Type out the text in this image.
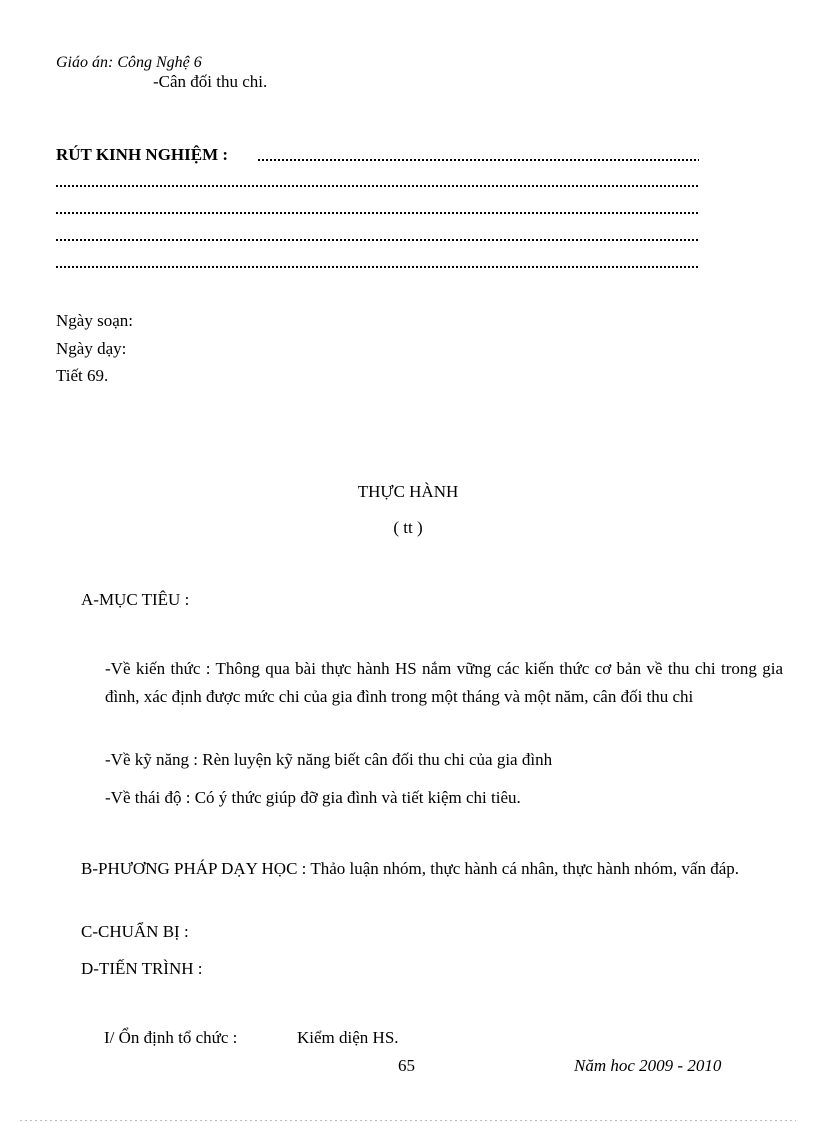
Giáo án: Công Nghệ 6
-Cân đối thu chi.
RÚT KINH NGHIỆM :
Ngày soạn:
Ngày dạy:
Tiết 69.
THỰC HÀNH
( tt )
A-MỤC TIÊU :
-Về kiến thức : Thông qua bài thực hành HS nắm vững các kiến thức cơ bản về thu chi trong gia đình, xác định được mức chi của gia đình trong một tháng và một năm, cân đối thu chi
-Về kỹ năng : Rèn luyện kỹ năng biết cân đối thu chi của gia đình
-Về thái độ : Có ý thức giúp đỡ gia đình và tiết kiệm chi tiêu.
B-PHƯƠNG PHÁP DẠY HỌC : Thảo luận nhóm, thực hành cá nhân, thực hành nhóm, vấn đáp.
C-CHUẨN BỊ :
D-TIẾN TRÌNH :
I/ Ổn định tổ chức :	Kiểm diện HS.
65	Năm hoc 2009 - 2010
